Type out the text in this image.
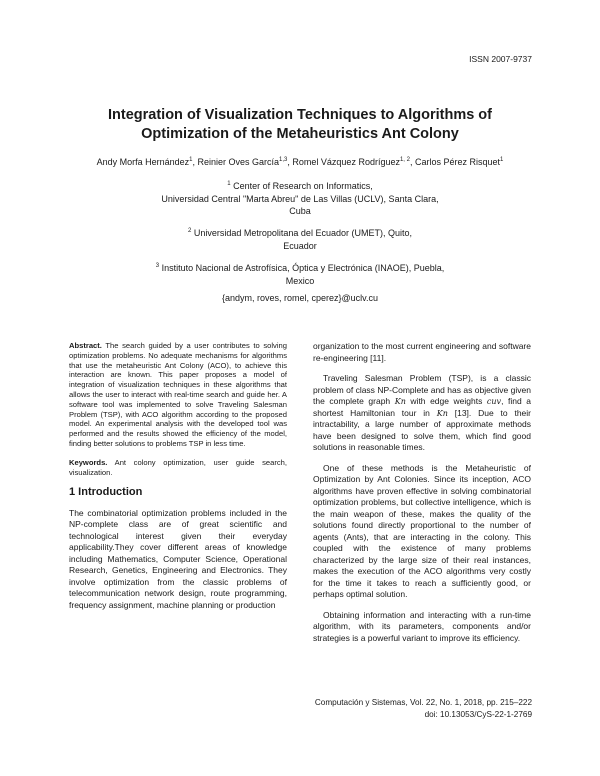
ISSN 2007-9737
Integration of Visualization Techniques to Algorithms of
Optimization of the Metaheuristics Ant Colony
Andy Morfa Hernández$^1$, Reinier Oves García$^{1,3}$, Romel Vázquez Rodríguez$^{1, 2}$, Carlos Pérez Risquet$^1$
$^1$ Center of Research on Informatics,
Universidad Central "Marta Abreu" de Las Villas (UCLV), Santa Clara,
Cuba
$^2$ Universidad Metropolitana del Ecuador (UMET), Quito,
Ecuador
$^3$ Instituto Nacional de Astrofísica, Óptica y Electrónica (INAOE), Puebla,
Mexico
{andym, roves, romel, cperez}@uclv.cu

Abstract. The search guided by a user contributes to solving optimization problems. No adequate mechanisms for algorithms that use the metaheuristic Ant Colony (ACO), to achieve this interaction are known. This paper proposes a model of integration of visualization techniques in these algorithms that allows the user to interact with real-time search and guide her. A software tool was implemented to solve Traveling Salesman Problem (TSP), with ACO algorithm according to the proposed model. An experimental analysis with the developed tool was performed and the results showed the efficiency of the model, finding better solutions to problems TSP in less time.

Keywords. Ant colony optimization, user guide search, visualization.

1 Introduction

The combinatorial optimization problems included in the NP-complete class are of great scientific and technological interest given their everyday applicability.They cover different areas of knowledge including Mathematics, Computer Science, Operational Research, Genetics, Engineering and Electronics. They involve optimization from the classic problems of telecommunication network design, route programming, frequency assignment, machine planning or production

organization to the most current engineering and software re-engineering [11].

Traveling Salesman Problem (TSP), is a classic problem of class NP-Complete and has as objective given the complete graph Kn with edge weights cuv, find a shortest Hamiltonian tour in Kn [13]. Due to their intractability, a large number of approximate methods have been designed to solve them, which find good solutions in reasonable times.

One of these methods is the Metaheuristic of Optimization by Ant Colonies. Since its inception, ACO algorithms have proven effective in solving combinatorial optimization problems, but collective intelligence, which is the main weapon of these, makes the quality of the solutions found directly proportional to the number of agents (Ants), that are interacting in the colony. This coupled with the existence of many problems characterized by the large size of their real instances, makes the execution of the ACO algorithms very costly for the time it takes to reach a sufficiently good, or perhaps optimal solution.

Obtaining information and interacting with a run-time algorithm, with its parameters, components and/or strategies is a powerful variant to improve its efficiency.

Computación y Sistemas, Vol. 22, No. 1, 2018, pp. 215–222
doi: 10.13053/CyS-22-1-2769
